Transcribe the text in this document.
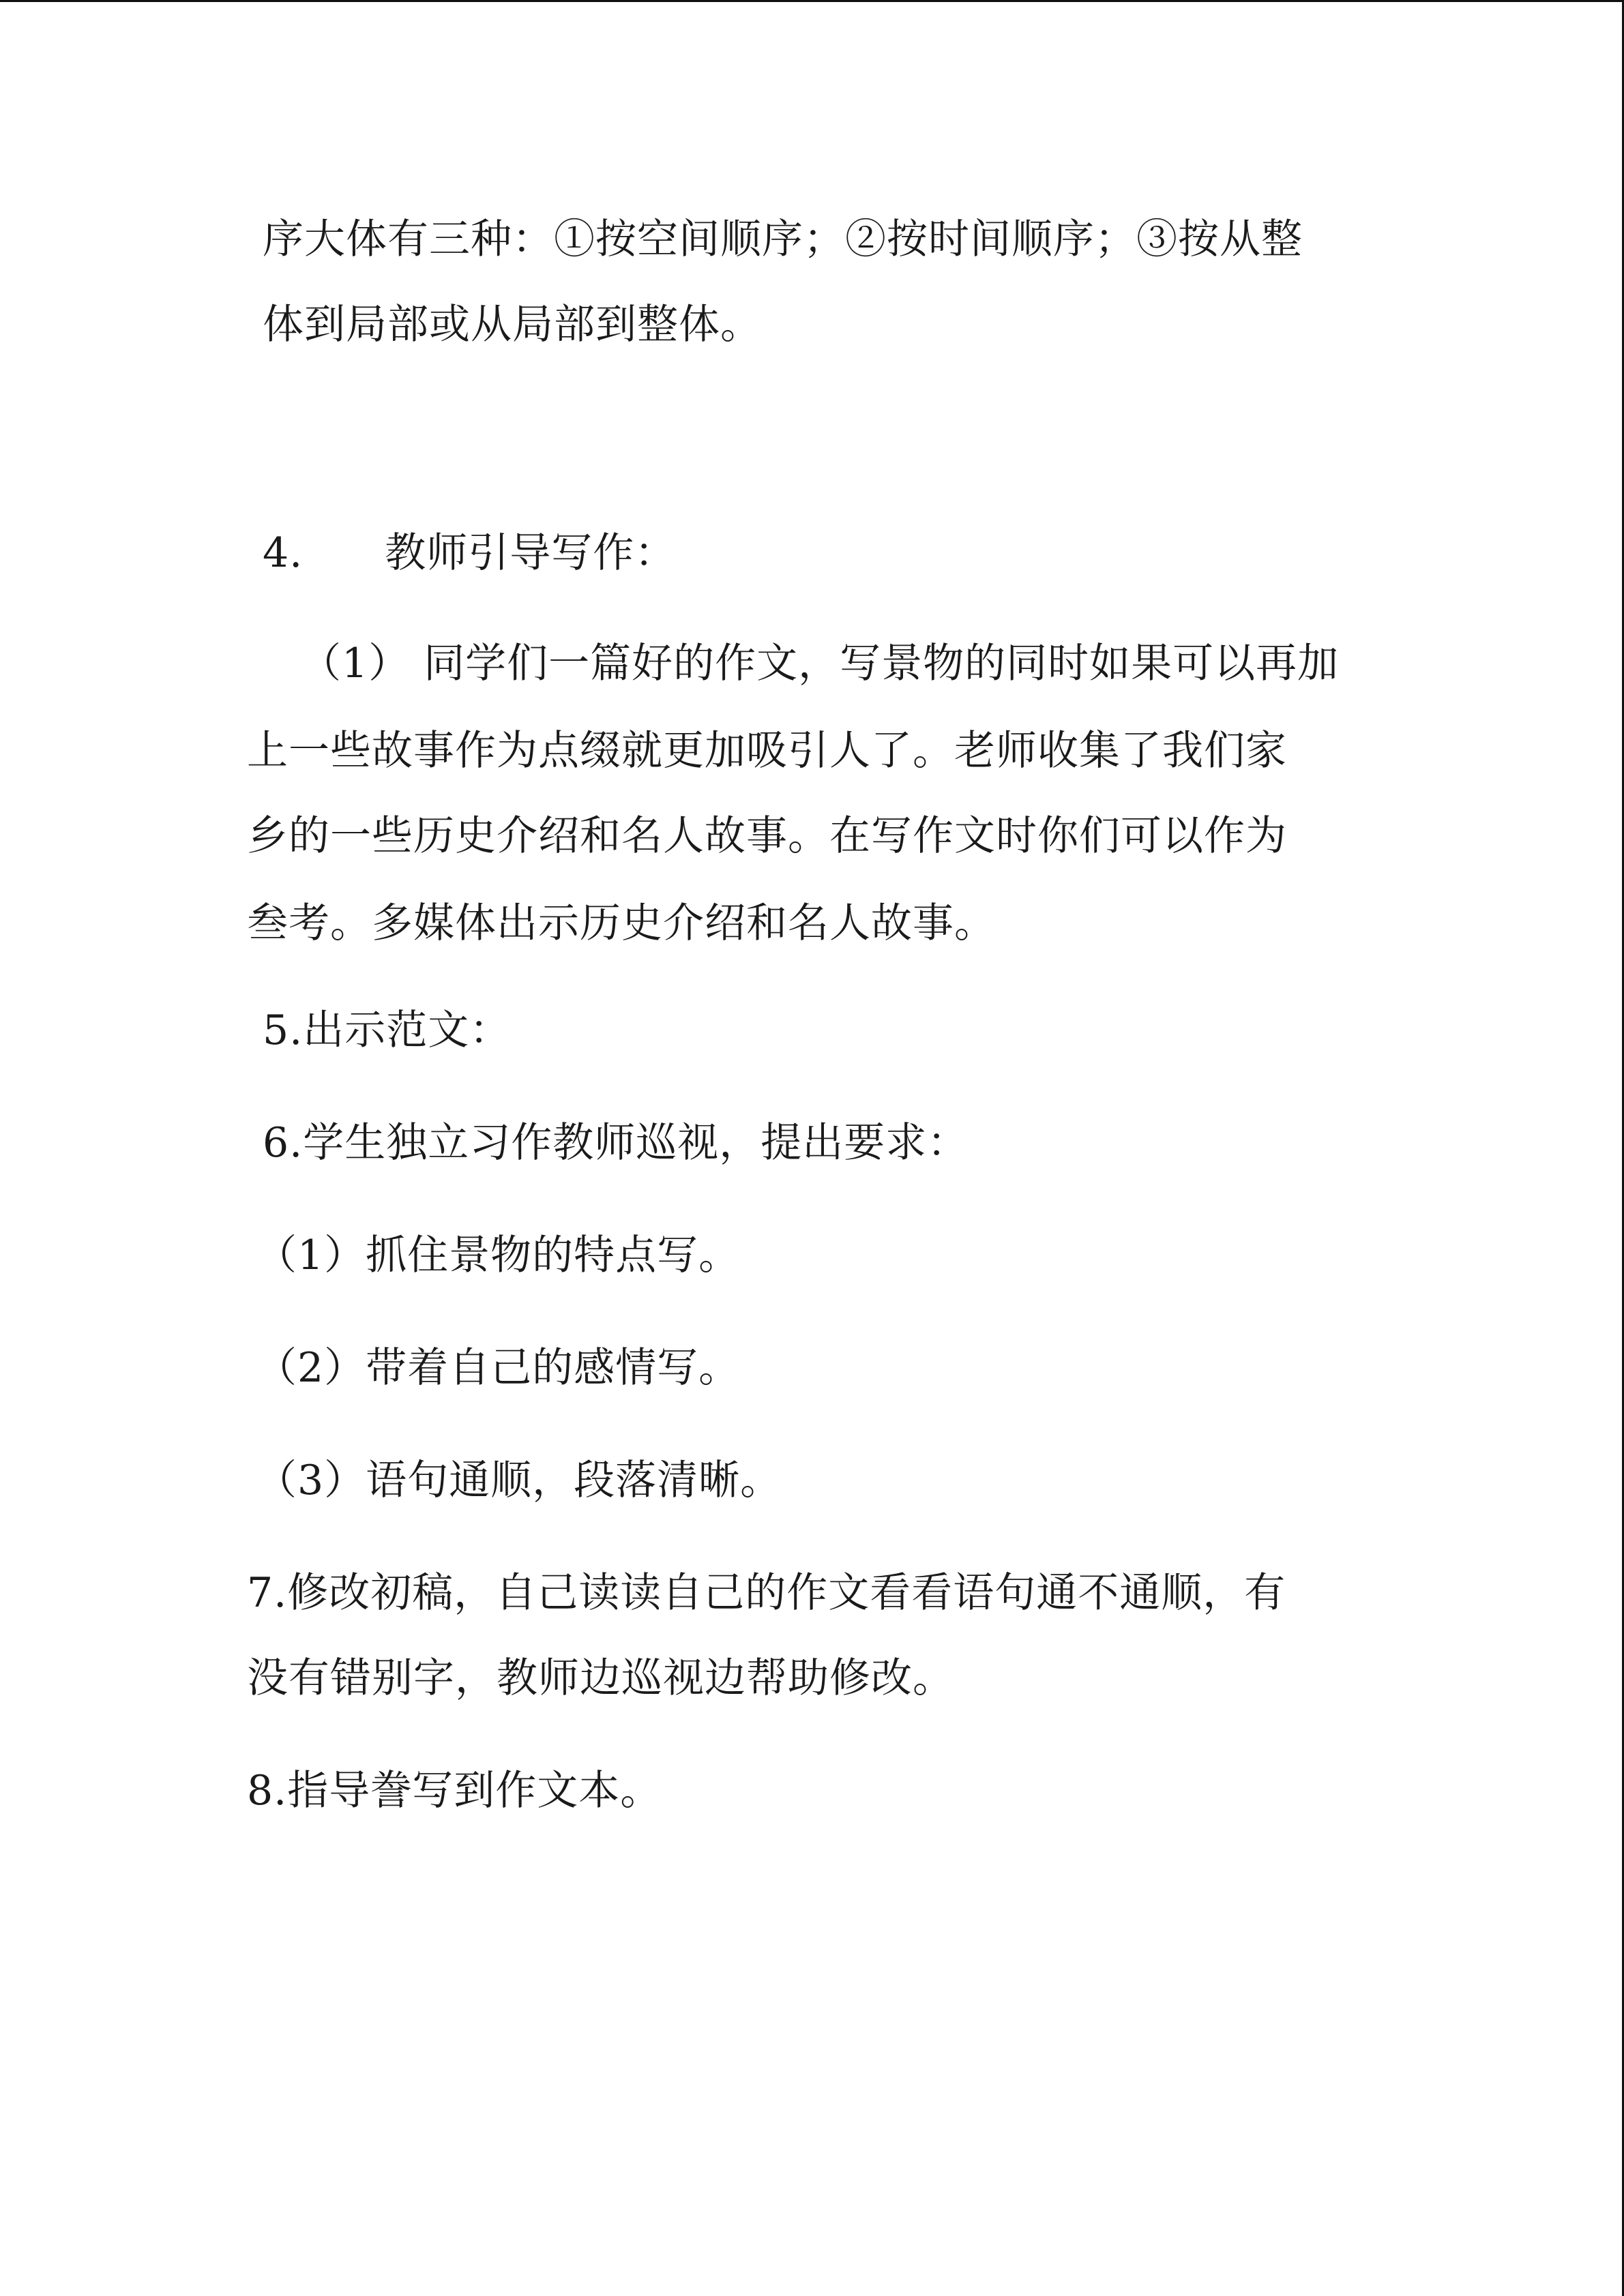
序大体有三种：①按空间顺序；②按时间顺序；③按从整
体到局部或从局部到整体。
4. 教师引导写作：
（1） 同学们一篇好的作文，写景物的同时如果可以再加
上一些故事作为点缀就更加吸引人了。老师收集了我们家
乡的一些历史介绍和名人故事。在写作文时你们可以作为
叁考。多媒体出示历史介绍和名人故事。
5.出示范文：
6.学生独立习作教师巡视，提出要求：
（1）抓住景物的特点写。
（2）带着自己的感情写。
（3）语句通顺，段落清晰。
7.修改初稿，自己读读自己的作文看看语句通不通顺，有
没有错别字，教师边巡视边帮助修改。
8.指导誊写到作文本。
